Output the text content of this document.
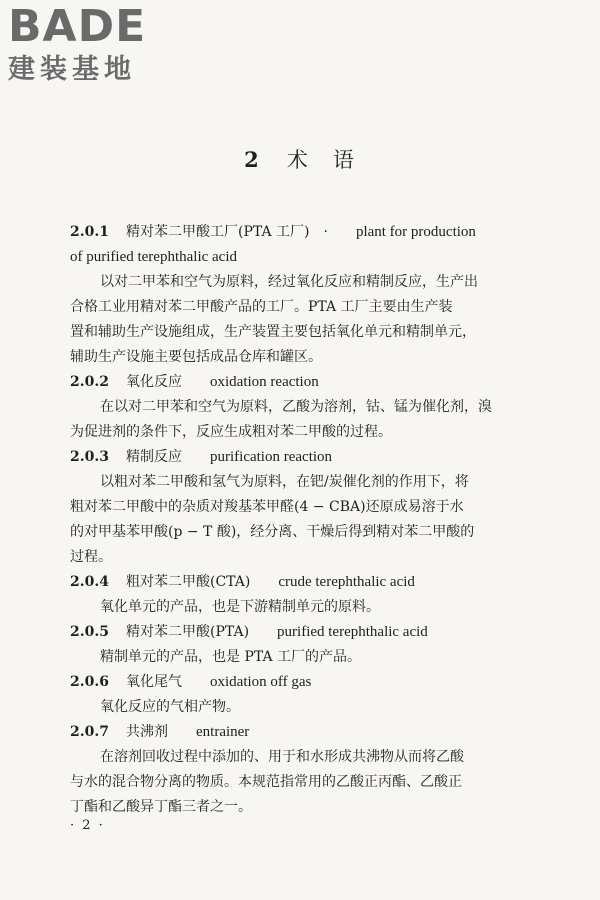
BADE
建装基地
2 术　语
2.0.1 精对苯二甲酸工厂(PTA 工厂)　· plant for production
of purified terephthalic acid
以对二甲苯和空气为原料，经过氧化反应和精制反应，生产出
合格工业用精对苯二甲酸产品的工厂。PTA 工厂主要由生产装
置和辅助生产设施组成，生产装置主要包括氧化单元和精制单元，
辅助生产设施主要包括成品仓库和罐区。
2.0.2 氧化反应 oxidation reaction
在以对二甲苯和空气为原料，乙酸为溶剂，钴、锰为催化剂，溴
为促进剂的条件下，反应生成粗对苯二甲酸的过程。
2.0.3 精制反应 purification reaction
以粗对苯二甲酸和氢气为原料，在钯/炭催化剂的作用下，将
粗对苯二甲酸中的杂质对羧基苯甲醛(4 − CBA)还原成易溶于水
的对甲基苯甲酸(p − T 酸)，经分离、干燥后得到精对苯二甲酸的
过程。
2.0.4 粗对苯二甲酸(CTA) crude terephthalic acid
氧化单元的产品，也是下游精制单元的原料。
2.0.5 精对苯二甲酸(PTA) purified terephthalic acid
精制单元的产品，也是 PTA 工厂的产品。
2.0.6 氧化尾气 oxidation off gas
氧化反应的气相产物。
2.0.7 共沸剂 entrainer
在溶剂回收过程中添加的、用于和水形成共沸物从而将乙酸
与水的混合物分离的物质。本规范指常用的乙酸正丙酯、乙酸正
丁酯和乙酸异丁酯三者之一。
· 2 ·
